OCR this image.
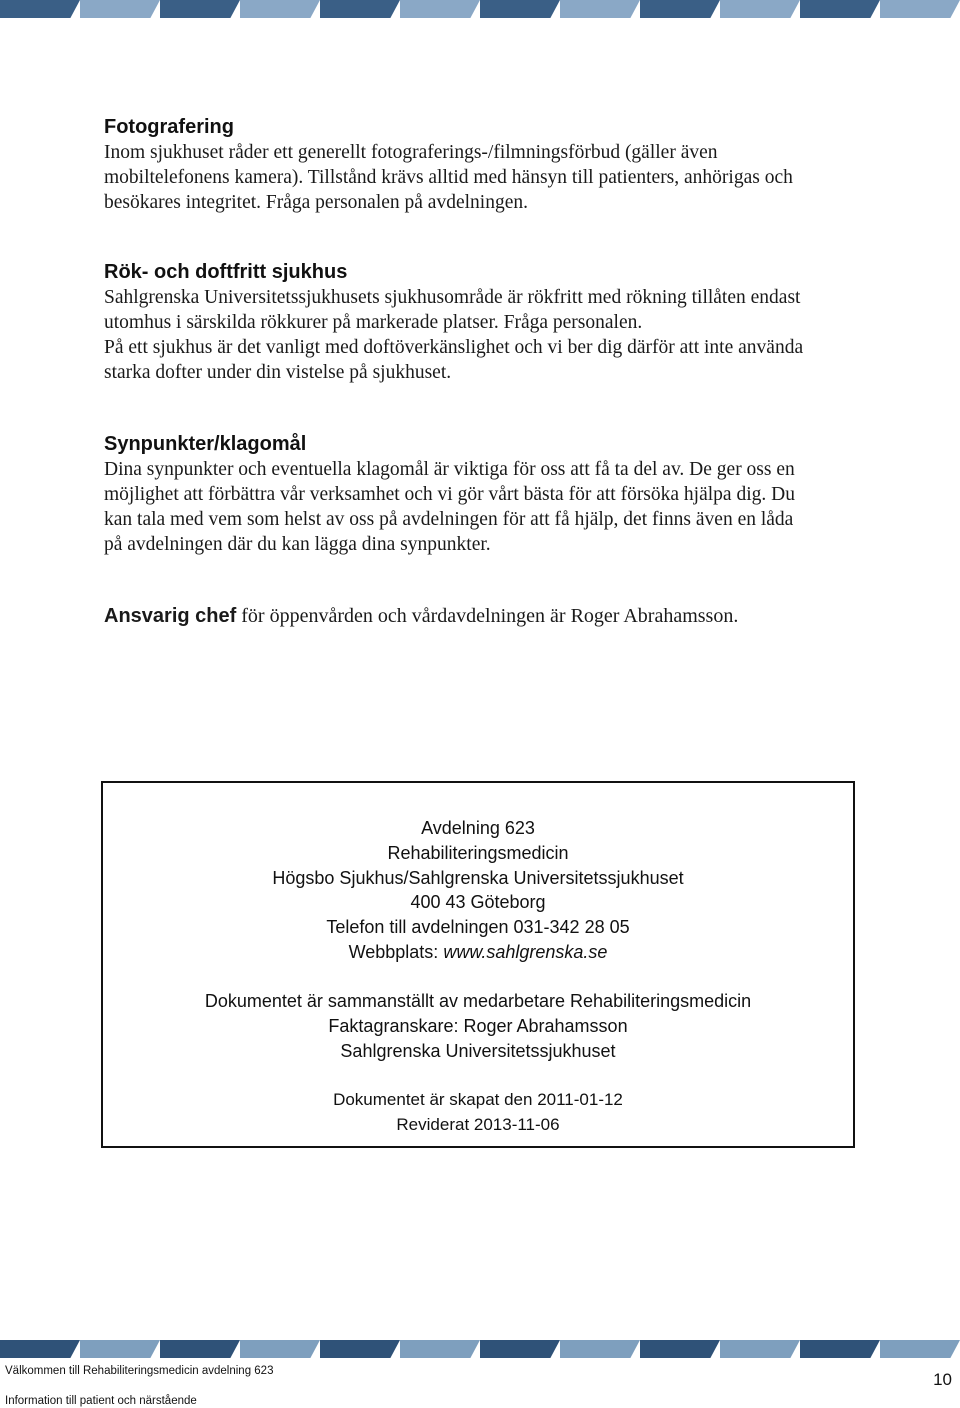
Fotografering

Inom sjukhuset råder ett generellt fotograferings-/filmningsförbud (gäller även

mobiltelefonens kamera). Tillstånd krävs alltid med hänsyn till patienters, anhörigas och

besökares integritet. Fråga personalen på avdelningen.

Rök- och doftfritt sjukhus

Sahlgrenska Universitetssjukhusets sjukhusområde är rökfritt med rökning tillåten endast

utomhus i särskilda rökkurer på markerade platser. Fråga personalen.

På ett sjukhus är det vanligt med doftöverkänslighet och vi ber dig därför att inte använda

starka dofter under din vistelse på sjukhuset.

Synpunkter/klagomål

Dina synpunkter och eventuella klagomål är viktiga för oss att få ta del av. De ger oss en

möjlighet att förbättra vår verksamhet och vi gör vårt bästa för att försöka hjälpa dig. Du

kan tala med vem som helst av oss på avdelningen för att få hjälp, det finns även en låda

på avdelningen där du kan lägga dina synpunkter.

Ansvarig chef för öppenvården och vårdavdelningen är Roger Abrahamsson.
Avdelning 623
Rehabiliteringsmedicin
Högsbo Sjukhus/Sahlgrenska Universitetssjukhuset
400 43 Göteborg
Telefon till avdelningen 031-342 28 05
Webbplats: www.sahlgrenska.se
Dokumentet är sammanställt av medarbetare Rehabiliteringsmedicin
Faktagranskare: Roger Abrahamsson
Sahlgrenska Universitetssjukhuset
Dokumentet är skapat den 2011-01-12
Reviderat 2013-11-06
Välkommen till Rehabiliteringsmedicin avdelning 623
Information till patient och närstående
10
